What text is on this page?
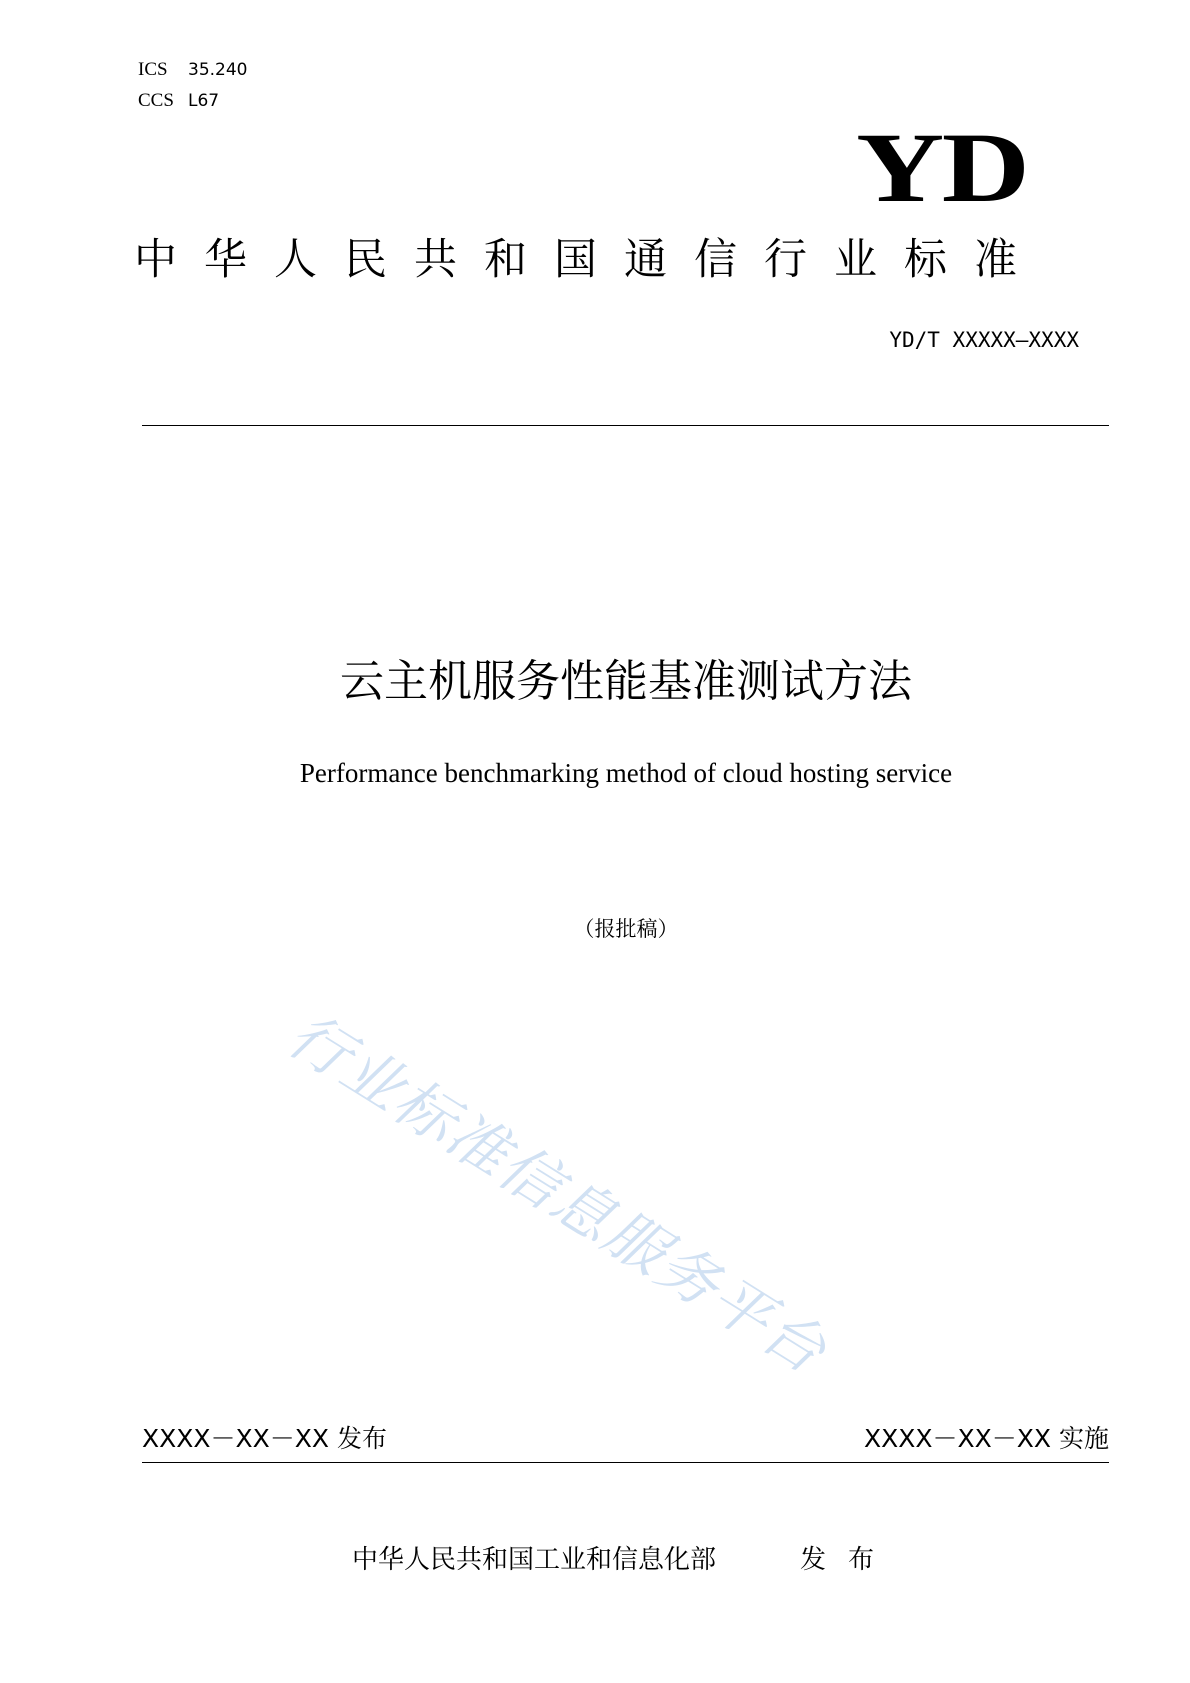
ICS 35.240
CCS L67
YD
中华人民共和国通信行业标准
YD/T XXXXX—XXXX
云主机服务性能基准测试方法
Performance benchmarking method of cloud hosting service
（报批稿）
行业标准信息服务平台
XXXX－XX－XX 发布	XXXX－XX－XX 实施
中华人民共和国工业和信息化部	发布
